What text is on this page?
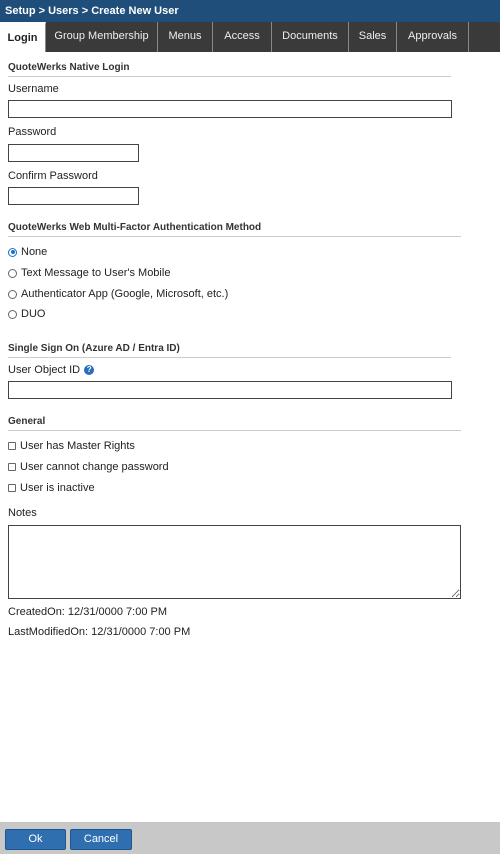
Setup > Users > Create New User
Login	Group Membership	Menus	Access	Documents	Sales	Approvals
QuoteWerks Native Login
Username
Password
Confirm Password
QuoteWerks Web Multi-Factor Authentication Method
None
Text Message to User's Mobile
Authenticator App (Google, Microsoft, etc.)
DUO
Single Sign On (Azure AD / Entra ID)
User Object ID ?
General
User has Master Rights
User cannot change password
User is inactive
Notes
CreatedOn: 12/31/0000 7:00 PM
LastModifiedOn: 12/31/0000 7:00 PM
Ok	Cancel
